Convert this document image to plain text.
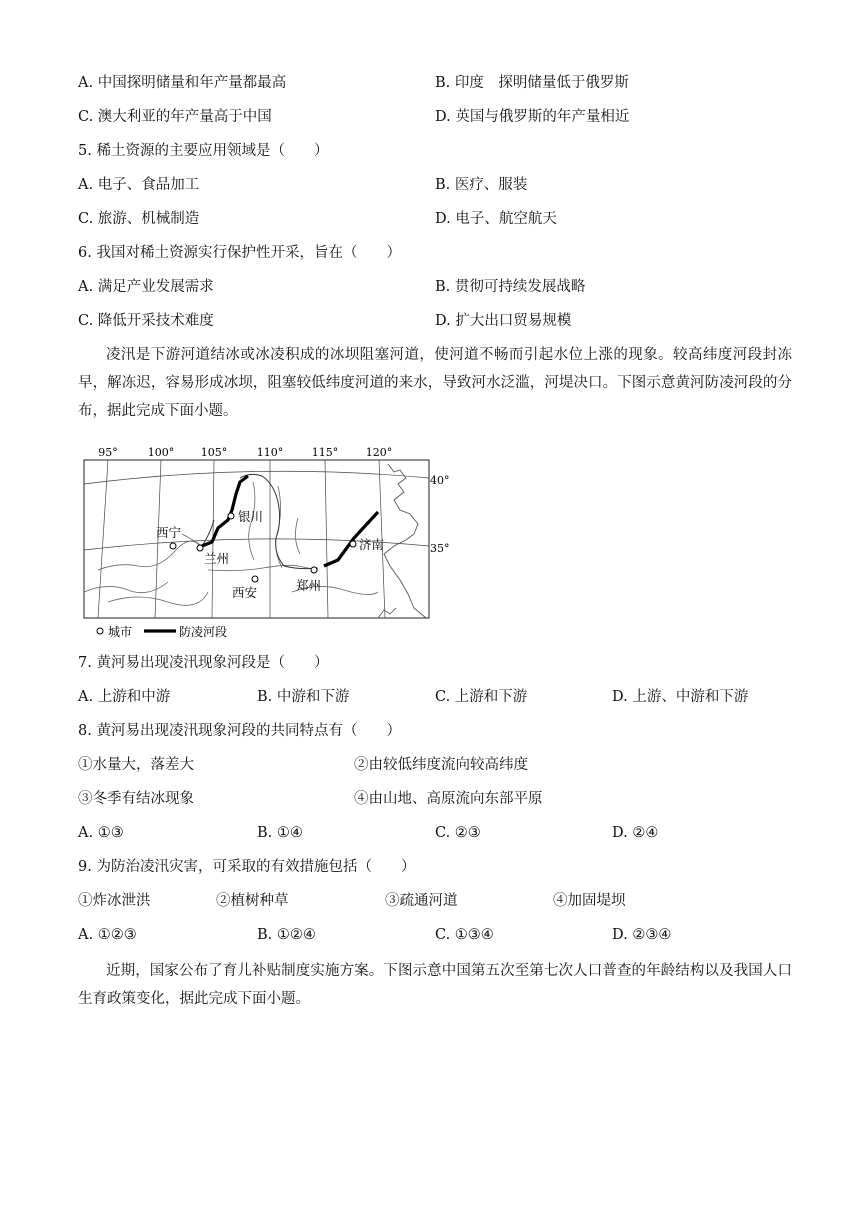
A. 中国探明储量和年产量都最高	B. 印度　探明储量低于俄罗斯
C. 澳大利亚的年产量高于中国	D. 英国与俄罗斯的年产量相近
5. 稀土资源的主要应用领域是（　　）
A. 电子、食品加工	B. 医疗、服装
C. 旅游、机械制造	D. 电子、航空航天
6. 我国对稀土资源实行保护性开采，旨在（　　）
A. 满足产业发展需求	B. 贯彻可持续发展战略
C. 降低开采技术难度	D. 扩大出口贸易规模

凌汛是下游河道结冰或冰凌积成的冰坝阻塞河道，使河道不畅而引起水位上涨的现象。较高纬度河段封冻早，解冻迟，容易形成冰坝，阻塞较低纬度河道的来水，导致河水泛滥，河堤决口。下图示意黄河防凌河段的分布，据此完成下面小题。

95°	100° 105°	110°	115°	120°
40°
35°
银川
西宁
兰州
西安	郑州
济南
城市	防凌河段
7. 黄河易出现凌汛现象河段是（　　）
A. 上游和中游	B. 中游和下游	C. 上游和下游	D. 上游、中游和下游
8. 黄河易出现凌汛现象河段的共同特点有（　　）
①水量大，落差大	②由较低纬度流向较高纬度
③冬季有结冰现象	④由山地、高原流向东部平原
A. ①③	B. ①④	C. ②③	D. ②④
9. 为防治凌汛灾害，可采取的有效措施包括（　　）
①炸冰泄洪	②植树种草	③疏通河道	④加固堤坝
A. ①②③	B. ①②④	C. ①③④	D. ②③④

近期，国家公布了育儿补贴制度实施方案。下图示意中国第五次至第七次人口普查的年龄结构以及我国人口生育政策变化，据此完成下面小题。
